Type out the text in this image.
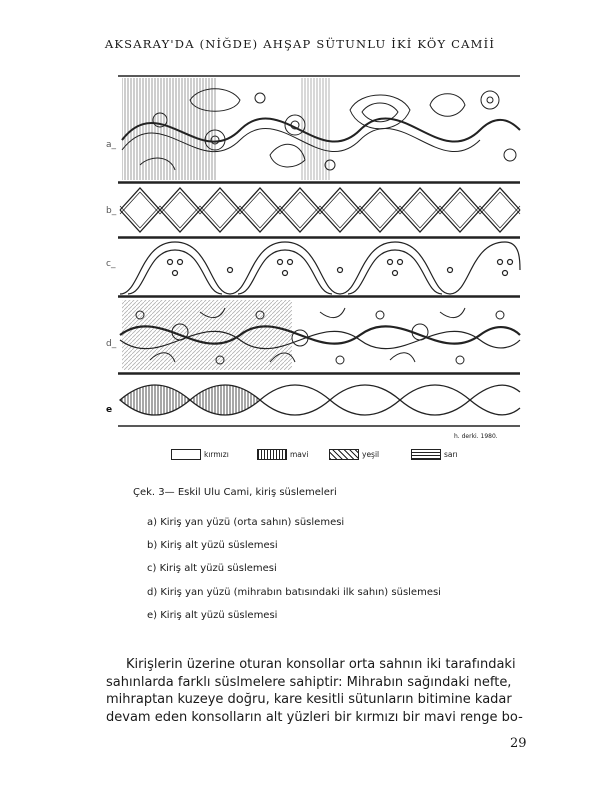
AKSARAY'DA (NİĞDE) AHŞAP SÜTUNLU İKİ KÖY CAMİİ
a_
b_
c_
d_
e
h. derki. 1980.
kırmızı	mavi	yeşil	sarı
Çek. 3— Eskil Ulu Cami, kiriş süslemeleri
a) Kiriş yan yüzü (orta sahın) süslemesi
b) Kiriş alt yüzü süslemesi
c) Kiriş alt yüzü süslemesi
d) Kiriş yan yüzü (mihrabın batısındaki ilk sahın) süslemesi
e) Kiriş alt yüzü süslemesi
Kirişlerin üzerine oturan konsollar orta sahnın iki tarafındaki
sahınlarda farklı süslmelere sahiptir: Mihrabın sağındaki nefte,
mihraptan kuzeye doğru, kare kesitli sütunların bitimine kadar
devam eden konsolların alt yüzleri bir kırmızı bir mavi renge bo-
29
